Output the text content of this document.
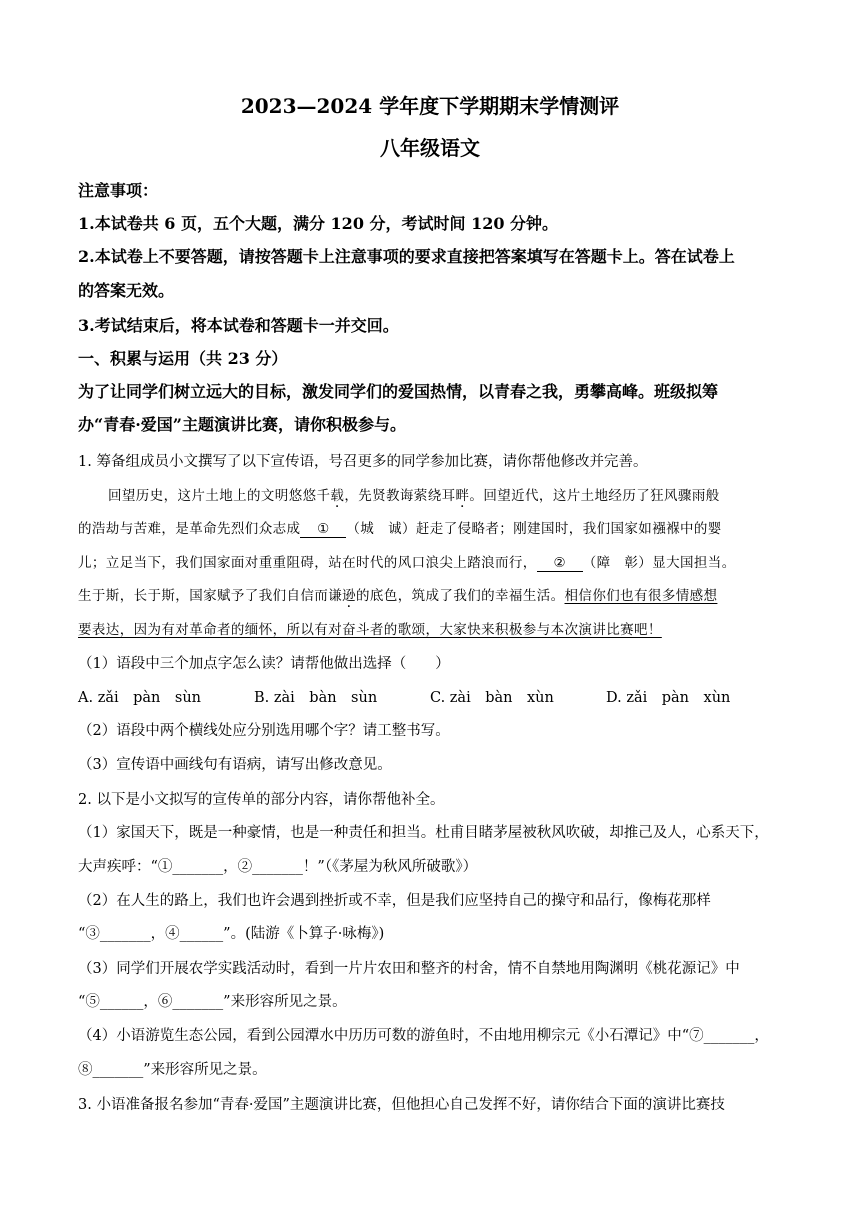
2023—2024 学年度下学期期末学情测评
八年级语文
注意事项：
1.本试卷共 6 页，五个大题，满分 120 分，考试时间 120 分钟。
2.本试卷上不要答题，请按答题卡上注意事项的要求直接把答案填写在答题卡上。答在试卷上
的答案无效。
3.考试结束后，将本试卷和答题卡一并交回。
一、积累与运用（共 23 分）
为了让同学们树立远大的目标，激发同学们的爱国热情，以青春之我，勇攀高峰。班级拟筹
办“青春·爱国”主题演讲比赛，请你积极参与。
1. 筹备组成员小文撰写了以下宣传语，号召更多的同学参加比赛，请你帮他修改并完善。
回望历史，这片土地上的文明悠悠千载，先贤教诲萦绕耳畔。回望近代，这片土地经历了狂风骤雨般
的浩劫与苦难，是革命先烈们众志成 ① （城　诚）赶走了侵略者；刚建国时，我们国家如襁褓中的婴
儿；立足当下，我们国家面对重重阻碍，站在时代的风口浪尖上踏浪而行， ② （障　彰）显大国担当。
生于斯，长于斯，国家赋予了我们自信而谦逊的底色，筑成了我们的幸福生活。相信你们也有很多情感想
要表达，因为有对革命者的缅怀，所以有对奋斗者的歌颂，大家快来积极参与本次演讲比赛吧！
（1）语段中三个加点字怎么读？请帮他做出选择（　　）
A. zǎi　pàn　sùn	B. zài　bàn　sùn	C. zài　bàn　xùn	D. zǎi　pàn　xùn
（2）语段中两个横线处应分别选用哪个字？请工整书写。
（3）宣传语中画线句有语病，请写出修改意见。
2. 以下是小文拟写的宣传单的部分内容，请你帮他补全。
（1）家国天下，既是一种豪情，也是一种责任和担当。杜甫目睹茅屋被秋风吹破，却推己及人，心系天下，
大声疾呼：“①_______，②_______！”（《茅屋为秋风所破歌》）
（2）在人生的路上，我们也许会遇到挫折或不幸，但是我们应坚持自己的操守和品行，像梅花那样
“③_______，④______”。(陆游《卜算子·咏梅》)
（3）同学们开展农学实践活动时，看到一片片农田和整齐的村舍，情不自禁地用陶渊明《桃花源记》中
“⑤______，⑥_______”来形容所见之景。
（4）小语游览生态公园，看到公园潭水中历历可数的游鱼时，不由地用柳宗元《小石潭记》中“⑦_______，
⑧_______”来形容所见之景。
3. 小语准备报名参加“青春·爱国”主题演讲比赛，但他担心自己发挥不好，请你结合下面的演讲比赛技
